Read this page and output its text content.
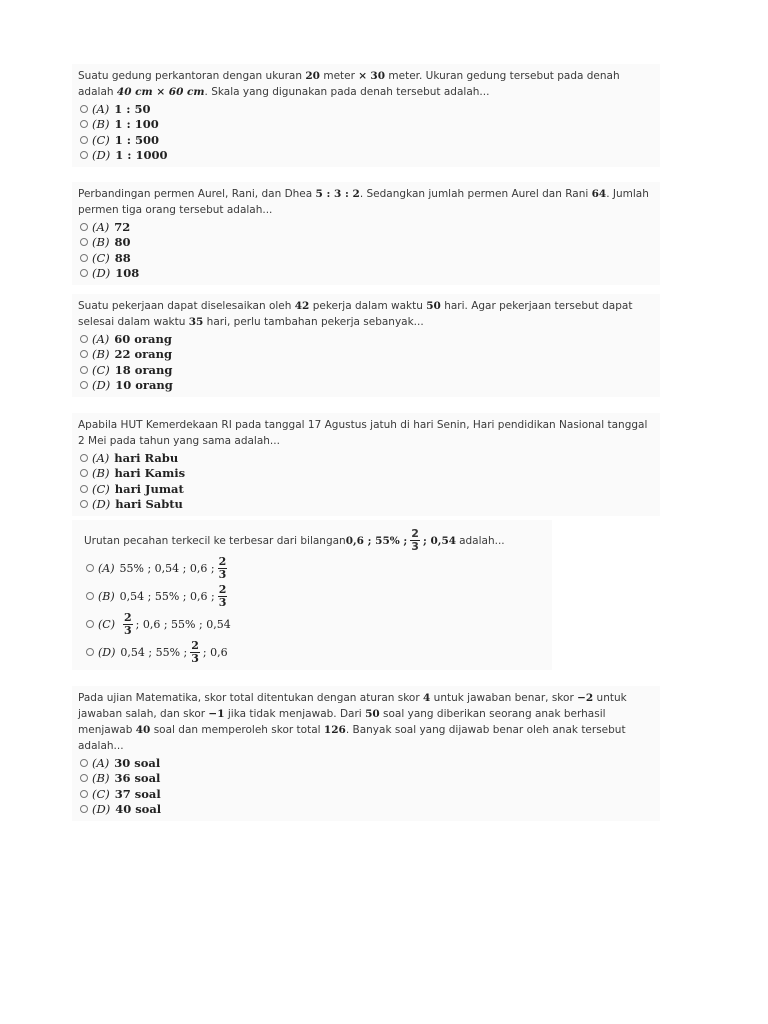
Suatu gedung perkantoran dengan ukuran 20 meter × 30 meter. Ukuran gedung tersebut pada denah adalah 40 cm × 60 cm. Skala yang digunakan pada denah tersebut adalah...

(A) 1 : 50
(B) 1 : 100
(C) 1 : 500
(D) 1 : 1000

Perbandingan permen Aurel, Rani, dan Dhea 5 : 3 : 2. Sedangkan jumlah permen Aurel dan Rani 64. Jumlah permen tiga orang tersebut adalah...

(A) 72
(B) 80
(C) 88
(D) 108

Suatu pekerjaan dapat diselesaikan oleh 42 pekerja dalam waktu 50 hari. Agar pekerjaan tersebut dapat selesai dalam waktu 35 hari, perlu tambahan pekerja sebanyak...

(A) 60 orang
(B) 22 orang
(C) 18 orang
(D) 10 orang

Apabila HUT Kemerdekaan RI pada tanggal 17 Agustus jatuh di hari Senin, Hari pendidikan Nasional tanggal 2 Mei pada tahun yang sama adalah...

(A) hari Rabu
(B) hari Kamis
(C) hari Jumat
(D) hari Sabtu

Urutan pecahan terkecil ke terbesar dari bilangan 0,6 ; 55% ; $\frac{2}{3}$ ; 0,54 adalah...

(A) 55% ; 0,54 ; 0,6 ; $\frac{2}{3}$
(B) 0,54 ; 55% ; 0,6 ; $\frac{2}{3}$
$(C) \frac{2}{3}$ ; 0,6 ; 55% ; 0,54
(D) 0,54 ; 55% ; $\frac{2}{3}$ ; 0,6

Pada ujian Matematika, skor total ditentukan dengan aturan skor 4 untuk jawaban benar, skor −2 untuk jawaban salah, dan skor −1 jika tidak menjawab. Dari 50 soal yang diberikan seorang anak berhasil menjawab 40 soal dan memperoleh skor total 126. Banyak soal yang dijawab benar oleh anak tersebut adalah...

(A) 30 soal
(B) 36 soal
(C) 37 soal
(D) 40 soal
